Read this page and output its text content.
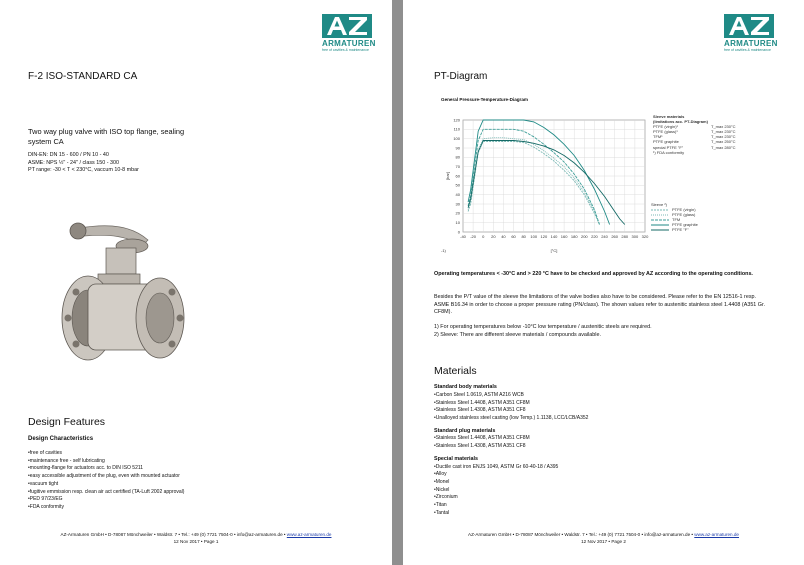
ARMATUREN
free of cavities & maintenance
F-2 ISO-STANDARD CA
Two way plug valve with ISO top flange, sealing system CA
DIN-EN: DN 15 - 600 / PN 10 - 40
ASME: NPS ½" - 24" / class 150 - 300
PT range: -30 < T < 230°C, vaccum 10-8 mbar
Design Features
Design Characteristics
• free of cavities
• maintenance free - self lubricating
• mounting-flange for actuators acc. to DIN ISO 5211
• easy accessible adjustment of the plug, even with mounted actuator
• vacuum tight
• fugitive emmission resp. clean air act certified (TA-Luft 2002 approval)
• PED 97/23/EG
• FDA conformity
AZ-Armaturen GmbH • D-78087 Mönchweiler • Waldstr. 7 • Tel.: +49 (0) 7721 7504-0 • info@az-armaturen.de • www.az-armaturen.de
12 Nov 2017 • Page 1
ARMATUREN
free of cavities & maintenance
PT-Diagram
General Pressure-Temperature-Diagram
-40 -20 0 20 40 60 80 100 120 140 160 180 200 220 240 260 280 300 320
0
10
20
30
40
50
60
70
80
90
100
110
120
[bar]
[°C]
-1)
Sleeve materials
(limitations acc. PT-Diagram)
PTFE (virgin)¹	T_max 230°C
PTFE (glass)¹	T_max 230°C
TFM¹	T_max 230°C
PTFE graphite	T_max 250°C
special PTFE "F"	T_max 280°C
¹) FDA conformity
Sleeve ²)
PTFE (virgin)
PTFE (glass)
TFM
PTFE graphite
PTFE "F"
Operating temperatures < -30°C and > 220 °C have to be checked and approved by AZ according to the operating conditions.
Besides the P/T value of the sleeve the limitations of the valve bodies also have to be considered. Please refer to the EN 12516-1 resp. ASME B16.34 in order to choose a proper pressure rating (PN/class). The shown values refer to austenitic stainless steel 1.4408 (A351 Gr. CF8M).
1) For operating temperatures below -10°C low temperature / austenitic steels are required.
2) Sleeve: There are different sleeve materials / compounds available.
Materials
Standard body materials
• Carbon Steel 1.0619, ASTM A216 WCB
• Stainless Steel 1.4408, ASTM A351 CF8M
• Stainless Steel 1.4308, ASTM A351 CF8
• Unalloyed stainless steel casting (low Temp.) 1.1138, LCC/LCB/A352
Standard plug materials
• Stainless Steel 1.4408, ASTM A351 CF8M
• Stainless Steel 1.4308, ASTM A351 CF8
Special materials
• Ductile cast iron ENJS 1049, ASTM Gr 60-40-18 / A395
• Alloy
• Monel
• Nickel
• Zirconium
• Titan
• Tantal
AZ-Armaturen GmbH • D-78087 Mönchweiler • Waldstr. 7 • Tel.: +49 (0) 7721 7504-0 • info@az-armaturen.de • www.az-armaturen.de
12 Nov 2017 • Page 2
